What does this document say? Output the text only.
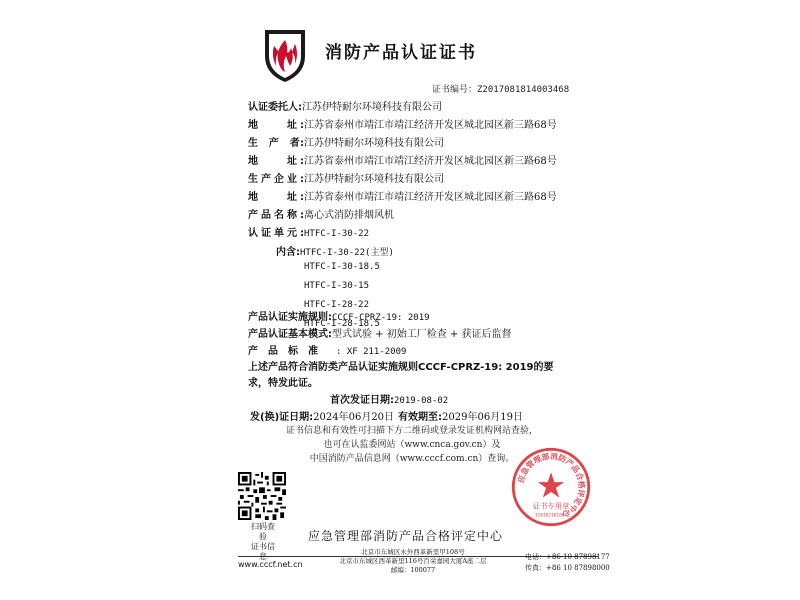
消防产品认证证书
证书编号：Z2017081814003468
认证委托人:江苏伊特耐尔环境科技有限公司
地　　址:江苏省泰州市靖江市靖江经济开发区城北园区新三路68号
生　产　者:江苏伊特耐尔环境科技有限公司
地　　址:江苏省泰州市靖江市靖江经济开发区城北园区新三路68号
生产企业:江苏伊特耐尔环境科技有限公司
地　　址:江苏省泰州市靖江市靖江经济开发区城北园区新三路68号
产品名称:离心式消防排烟风机
认证单元:HTFC-I-30-22
内含:HTFC-I-30-22(主型)
HTFC-I-30-18.5
HTFC-I-30-15
HTFC-I-28-22
HTFC-I-28-18.5
产品认证实施规则:CCCF-CPRZ-19: 2019
产品认证基本模式:型式试验 + 初始工厂检查 + 获证后监督
产　品　标　准 : XF 211-2009
上述产品符合消防类产品认证实施规则CCCF-CPRZ-19: 2019的要求，特发此证。
首次发证日期:2019-08-02
发(换)证日期:2024年06月20日 有效期至:2029年06月19日
证书信息和有效性可扫描下方二维码或登录发证机构网站查验，
也可在认监委网站（www.cnca.gov.cn）及
中国消防产品信息网（www.cccf.com.cn）查询。
扫码查验
证书信息
应急管理部消防产品合格评定中心
证书专用章
110102101007
应急管理部消防产品合格评定中心
www.cccf.net.cn
北京市东城区永外西革新里甲108号
北京市东城区西革新里116号百荣嘉园大厦A座二层
邮编：100077
电话：+86 10 87898177
传真：+86 10 87898000
